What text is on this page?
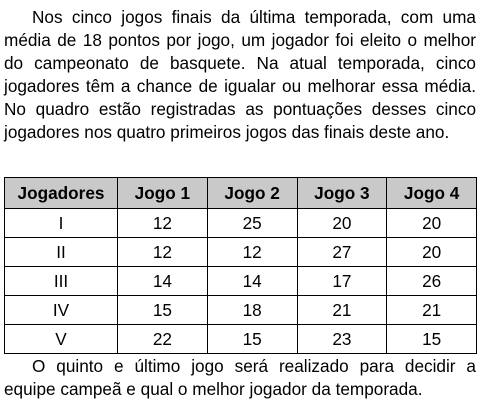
Nos cinco jogos finais da última temporada, com uma média de 18 pontos por jogo, um jogador foi eleito o melhor do campeonato de basquete. Na atual temporada, cinco jogadores têm a chance de igualar ou melhorar essa média. No quadro estão registradas as pontuações desses cinco jogadores nos quatro primeiros jogos das finais deste ano.

Jogadores	Jogo 1	Jogo 2	Jogo 3	Jogo 4
I	12	25	20	20
II	12	12	27	20
III	14	14	17	26
IV	15	18	21	21
V	22	15	23	15

O quinto e último jogo será realizado para decidir a equipe campeã e qual o melhor jogador da temporada.
